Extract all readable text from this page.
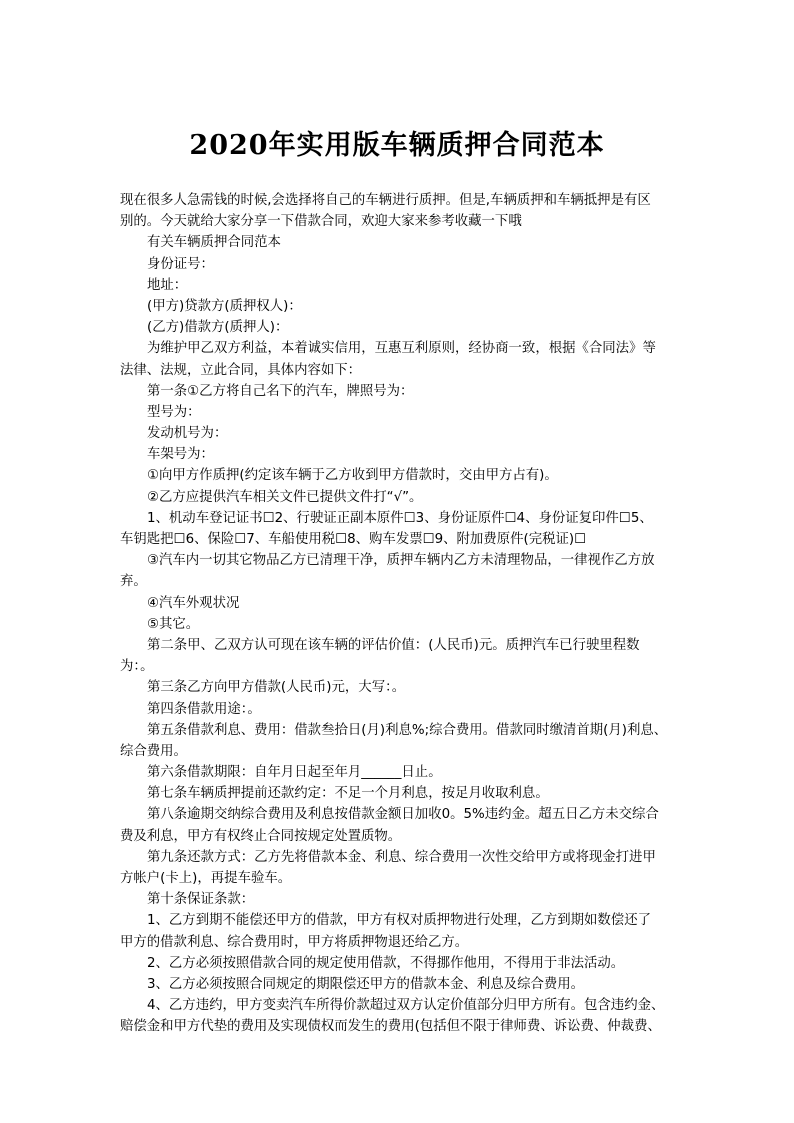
2020年实用版车辆质押合同范本
现在很多人急需钱的时候,会选择将自己的车辆进行质押。但是,车辆质押和车辆抵押是有区
别的。今天就给大家分享一下借款合同，欢迎大家来参考收藏一下哦
有关车辆质押合同范本
身份证号：
地址：
(甲方)贷款方(质押权人)：
(乙方)借款方(质押人)：
为维护甲乙双方利益，本着诚实信用，互惠互利原则，经协商一致，根据《合同法》等
法律、法规，立此合同，具体内容如下：
第一条①乙方将自己名下的汽车，牌照号为：
型号为：
发动机号为：
车架号为：
①向甲方作质押(约定该车辆于乙方收到甲方借款时，交由甲方占有)。
②乙方应提供汽车相关文件已提供文件打“√”。
1、机动车登记证书☐2、行驶证正副本原件☐3、身份证原件☐4、身份证复印件☐5、
车钥匙把☐6、保险☐7、车船使用税☐8、购车发票☐9、附加费原件(完税证)☐
③汽车内一切其它物品乙方已清理干净，质押车辆内乙方未清理物品，一律视作乙方放
弃。
④汽车外观状况
⑤其它。
第二条甲、乙双方认可现在该车辆的评估价值：(人民币)元。质押汽车已行驶里程数
为：。
第三条乙方向甲方借款(人民币)元，大写：。
第四条借款用途：。
第五条借款利息、费用：借款叁拾日(月)利息%;综合费用。借款同时缴清首期(月)利息、
综合费用。
第六条借款期限：自年月日起至年月______日止。
第七条车辆质押提前还款约定：不足一个月利息，按足月收取利息。
第八条逾期交纳综合费用及利息按借款金额日加收0。5%违约金。超五日乙方未交综合
费及利息，甲方有权终止合同按规定处置质物。
第九条还款方式：乙方先将借款本金、利息、综合费用一次性交给甲方或将现金打进甲
方帐户(卡上)，再提车验车。
第十条保证条款：
1、乙方到期不能偿还甲方的借款，甲方有权对质押物进行处理，乙方到期如数偿还了
甲方的借款利息、综合费用时，甲方将质押物退还给乙方。
2、乙方必须按照借款合同的规定使用借款，不得挪作他用，不得用于非法活动。
3、乙方必须按照合同规定的期限偿还甲方的借款本金、利息及综合费用。
4、乙方违约，甲方变卖汽车所得价款超过双方认定价值部分归甲方所有。包含违约金、
赔偿金和甲方代垫的费用及实现债权而发生的费用(包括但不限于律师费、诉讼费、仲裁费、
